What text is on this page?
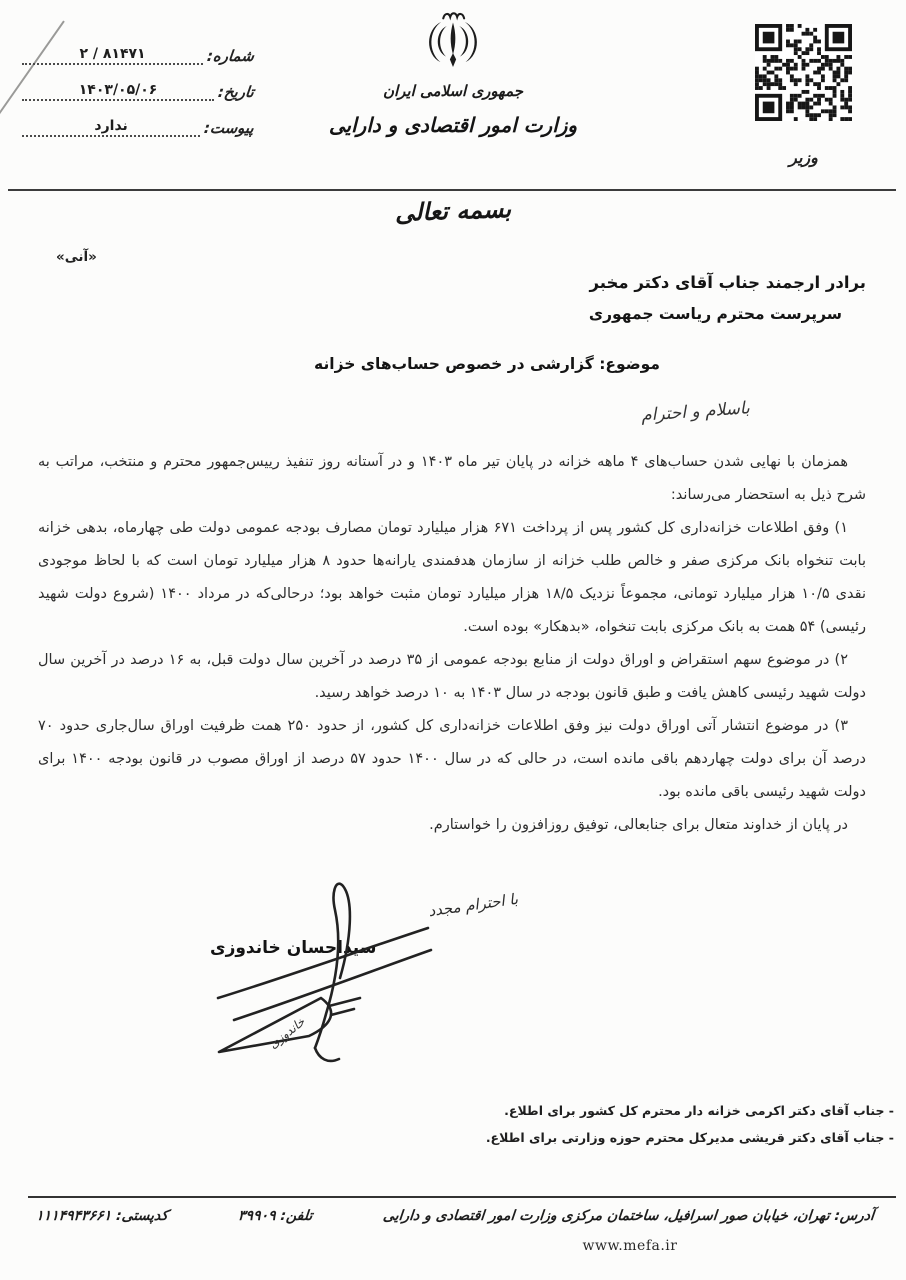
شماره:
۲ / ۸۱۴۷۱
تاریخ:
۱۴۰۳/۰۵/۰۶
پیوست:
ندارد
جمهوری اسلامی ایران
وزارت امور اقتصادی و دارایی
وزیر
بسمه تعالی
«آنی»
برادر ارجمند جناب آقای دکتر مخبر
سرپرست محترم ریاست جمهوری
موضوع: گزارشی در خصوص حساب‌های خزانه
باسلام و احترام

همزمان با نهایی شدن حساب‌های ۴ ماهه خزانه در پایان تیر ماه ۱۴۰۳ و در آستانه روز تنفیذ رییس‌جمهور محترم و منتخب، مراتب به شرح ذیل به استحضار می‌رساند:

۱) وفق اطلاعات خزانه‌داری کل کشور پس از پرداخت ۶۷۱ هزار میلیارد تومان مصارف بودجه عمومی دولت طی چهارماه، بدهی خزانه بابت تنخواه بانک مرکزی صفر و خالص طلب خزانه از سازمان هدفمندی یارانه‌ها حدود ۸ هزار میلیارد تومان است که با لحاظ موجودی نقدی ۱۰/۵ هزار میلیارد تومانی، مجموعاً نزدیک ۱۸/۵ هزار میلیارد تومان مثبت خواهد بود؛ درحالی‌که در مرداد ۱۴۰۰ (شروع دولت شهید رئیسی) ۵۴ همت به بانک مرکزی بابت تنخواه، «بدهکار» بوده است.

۲) در موضوع سهم استقراض و اوراق دولت از منابع بودجه عمومی از ۳۵ درصد در آخرین سال دولت قبل، به ۱۶ درصد در آخرین سال دولت شهید رئیسی کاهش یافت و طبق قانون بودجه در سال ۱۴۰۳ به ۱۰ درصد خواهد رسید.

۳) در موضوع انتشار آتی اوراق دولت نیز وفق اطلاعات خزانه‌داری کل کشور، از حدود ۲۵۰ همت ظرفیت اوراق سال‌جاری حدود ۷۰ درصد آن برای دولت چهاردهم باقی مانده است، در حالی که در سال ۱۴۰۰ حدود ۵۷ درصد از اوراق مصوب در قانون بودجه ۱۴۰۰ برای دولت شهید رئیسی باقی مانده بود.

در پایان از خداوند متعال برای جنابعالی، توفیق روزافزون را خواستارم.

با احترام مجدد
سیداحسان خاندوزی
خاندوزی
- جناب آقای دکتر اکرمی خزانه دار محترم کل کشور برای اطلاع.
- جناب آقای دکتر قریشی مدیرکل محترم حوزه وزارتی برای اطلاع.
آدرس: تهران، خیابان صور اسرافیل، ساختمان مرکزی وزارت امور اقتصادی و دارایی
تلفن: ۳۹۹۰۹
کدپستی: ۱۱۱۴۹۴۳۶۶۱
www.mefa.ir
